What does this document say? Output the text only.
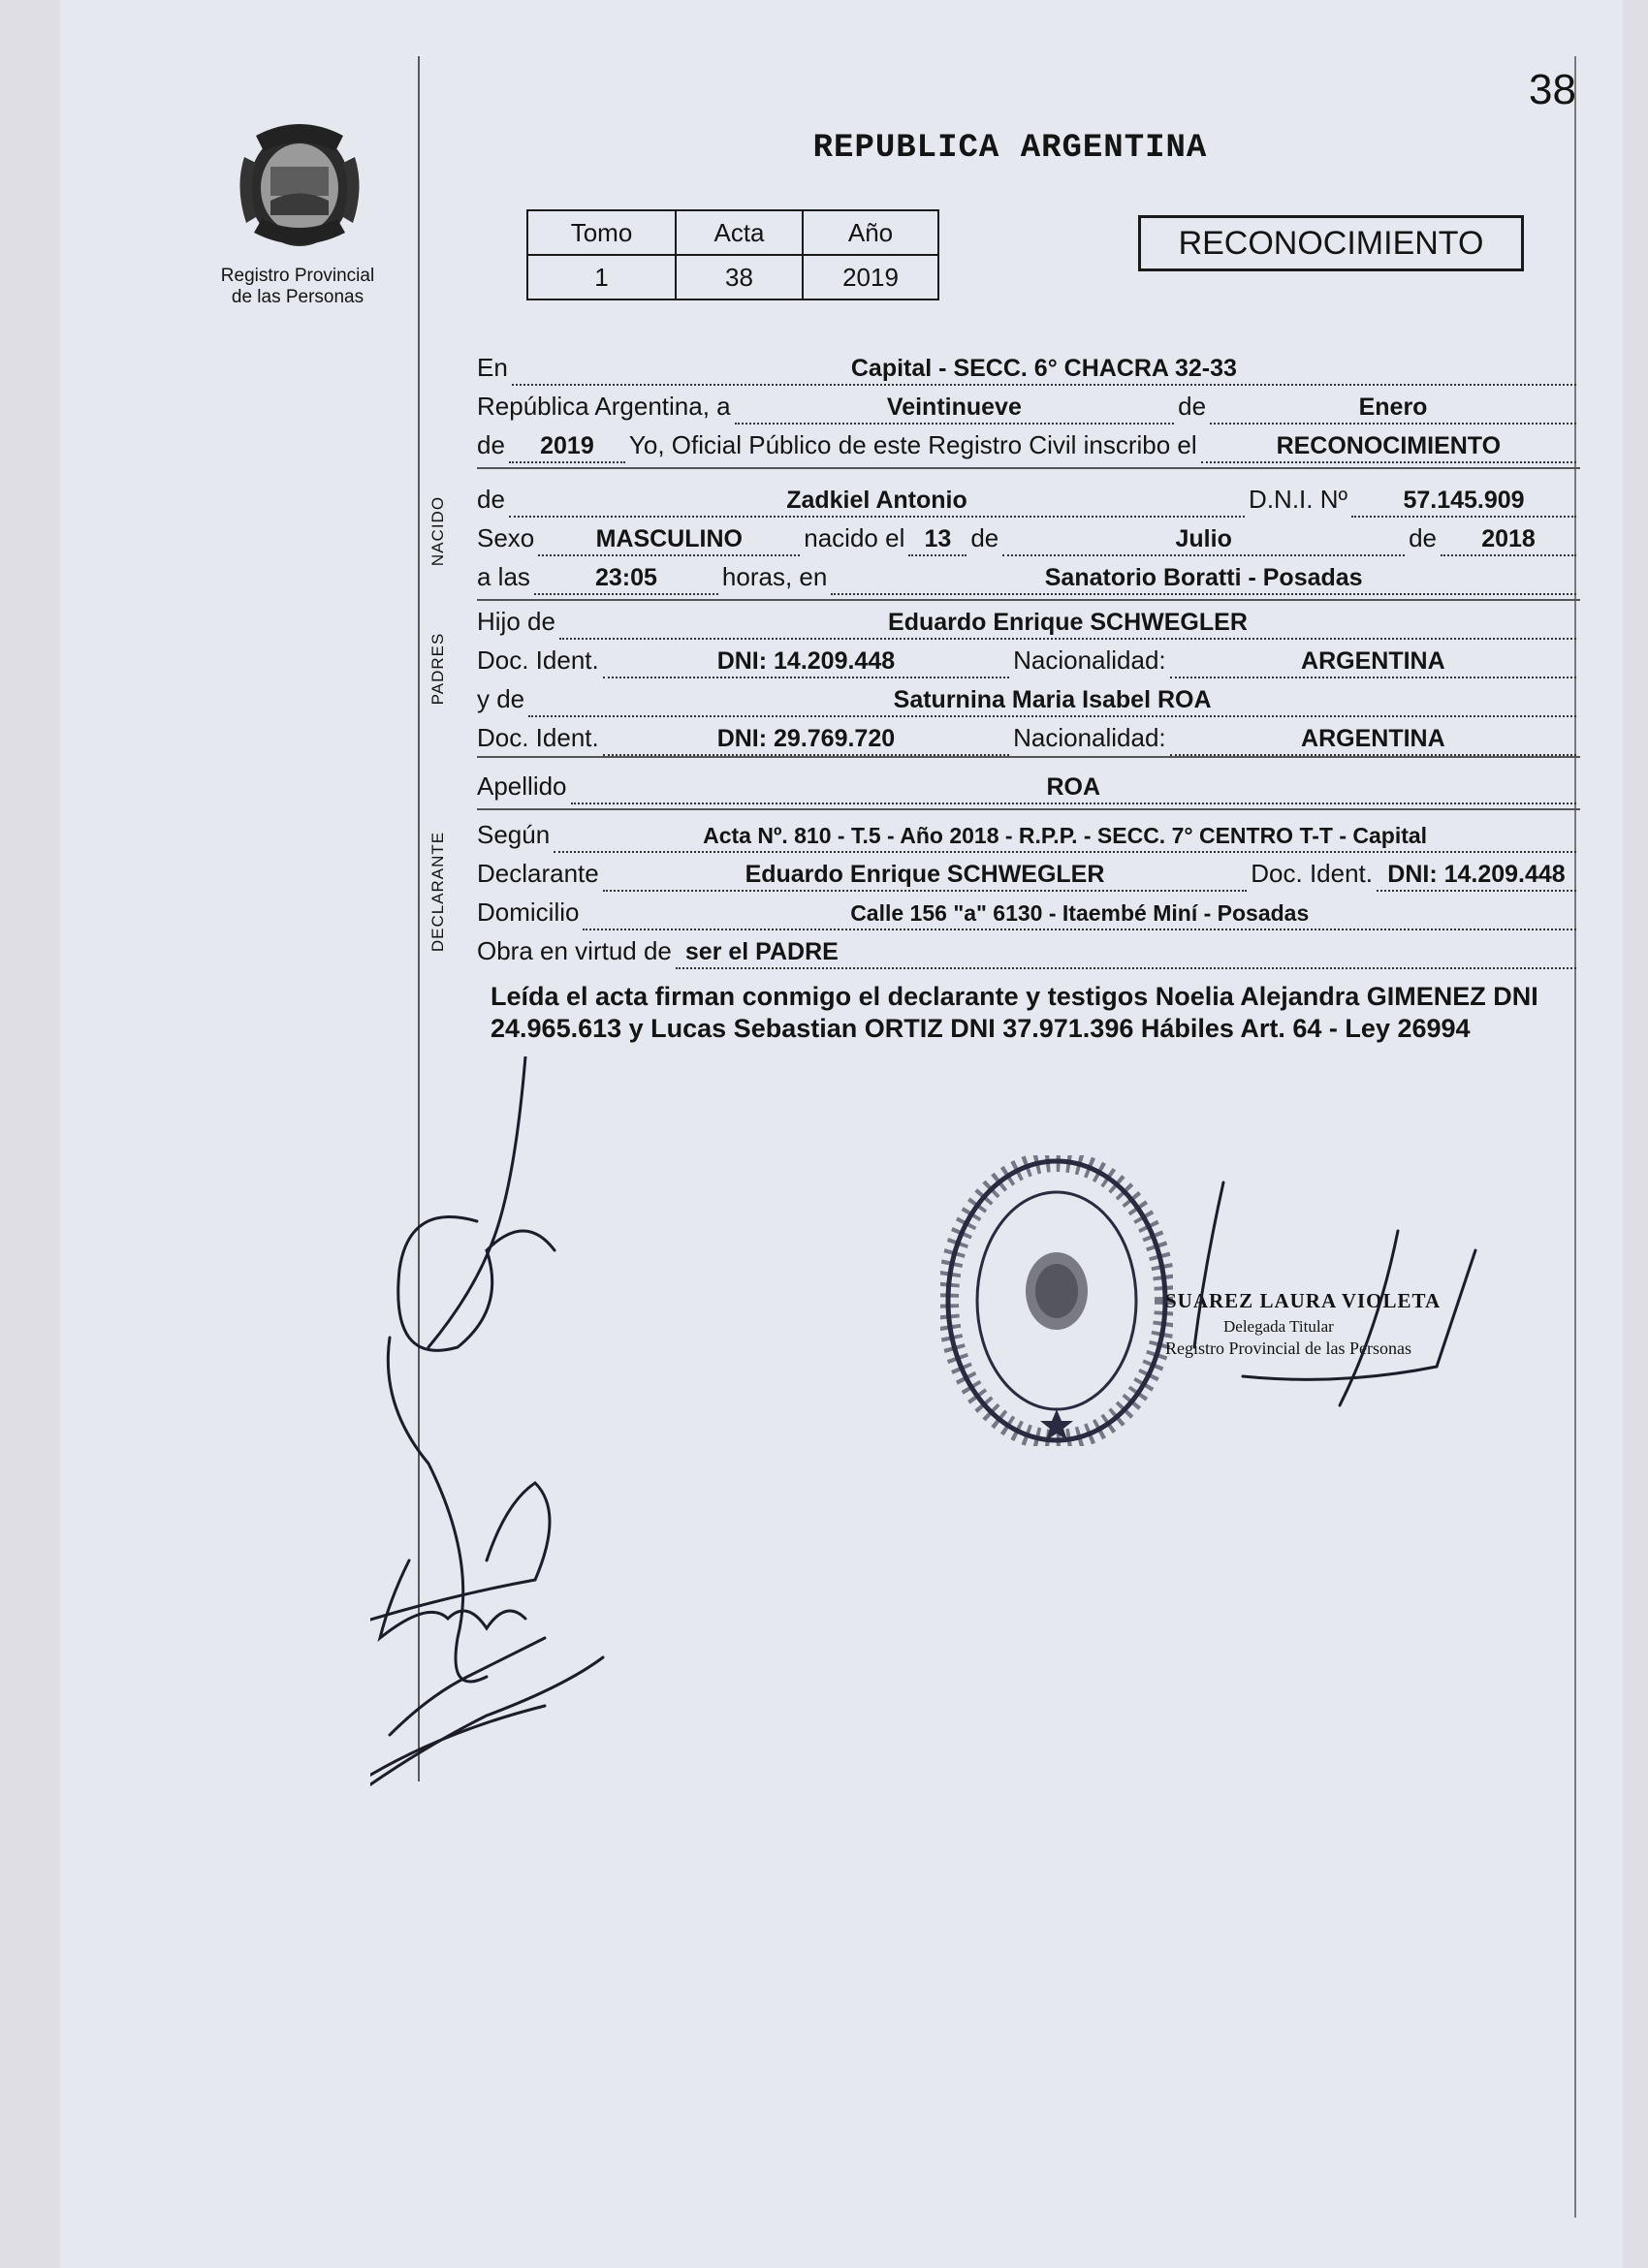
38
REPUBLICA ARGENTINA
Registro Provincial
de las Personas
Tomo	Acta	Año
1	38	2019
RECONOCIMIENTO
En	Capital - SECC. 6° CHACRA 32-33
República Argentina, a	Veintinueve	de	Enero
de	2019	Yo, Oficial Público de este Registro Civil inscribo el	RECONOCIMIENTO
NACIDO de	Zadkiel Antonio	D.N.I. Nº	57.145.909
Sexo	MASCULINO	nacido el 13 de	Julio	de	2018
a las	23:05	horas, en	Sanatorio Boratti - Posadas
PADRES
Hijo de	Eduardo Enrique SCHWEGLER
Doc. Ident.	DNI: 14.209.448	Nacionalidad:	ARGENTINA
y de	Saturnina Maria Isabel ROA
Doc. Ident.	DNI: 29.769.720	Nacionalidad:	ARGENTINA
Apellido	ROA
DECLARANTE Según	Acta Nº. 810 - T.5 - Año 2018 - R.P.P. - SECC. 7° CENTRO T-T - Capital
Declarante	Eduardo Enrique SCHWEGLER	Doc. Ident. DNI: 14.209.448
Domicilio	Calle 156 "a" 6130 - Itaembé Miní - Posadas
Obra en virtud de ser el PADRE
Leída el acta firman conmigo el declarante y testigos Noelia Alejandra GIMENEZ DNI 24.965.613 y Lucas Sebastian ORTIZ DNI 37.971.396 Hábiles Art. 64 - Ley 26994
SUAREZ LAURA VIOLETA
Delegada Titular
Registro Provincial de las Personas
